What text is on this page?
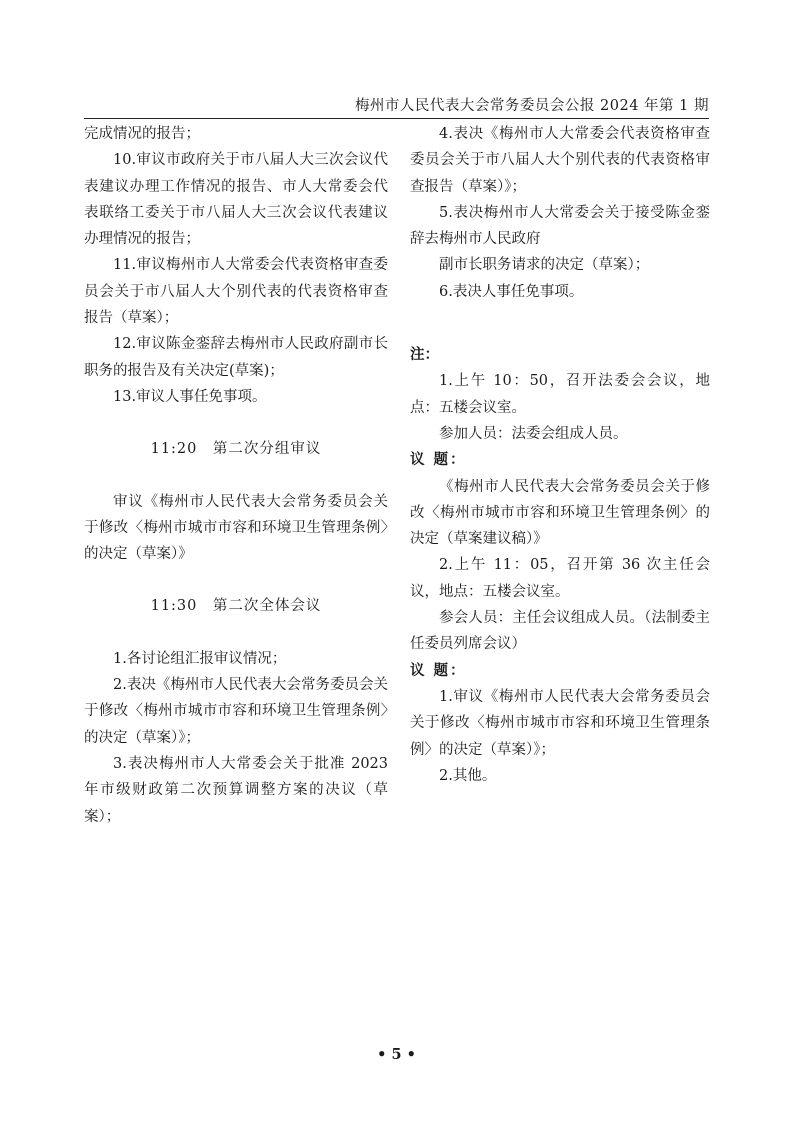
梅州市人民代表大会常务委员会公报 2024 年第 1 期

完成情况的报告；

10.审议市政府关于市八届人大三次会议代表建议办理工作情况的报告、市人大常委会代表联络工委关于市八届人大三次会议代表建议办理情况的报告；

11.审议梅州市人大常委会代表资格审查委员会关于市八届人大个别代表的代表资格审查报告（草案）；

12.审议陈金銮辞去梅州市人民政府副市长职务的报告及有关决定(草案)；

13.审议人事任免事项。

11:20　第二次分组审议

审议《梅州市人民代表大会常务委员会关于修改〈梅州市城市市容和环境卫生管理条例〉的决定（草案）》

11:30　第二次全体会议

1.各讨论组汇报审议情况；

2.表决《梅州市人民代表大会常务委员会关于修改〈梅州市城市市容和环境卫生管理条例〉的决定（草案）》；

3.表决梅州市人大常委会关于批准 2023 年市级财政第二次预算调整方案的决议（草案）；

4.表决《梅州市人大常委会代表资格审查委员会关于市八届人大个别代表的代表资格审查报告（草案）》；

5.表决梅州市人大常委会关于接受陈金銮辞去梅州市人民政府

副市长职务请求的决定（草案）；

6.表决人事任免事项。

注：

1.上午 10：50，召开法委会会议，地点：五楼会议室。

参加人员：法委会组成人员。

议 题：

《梅州市人民代表大会常务委员会关于修改〈梅州市城市市容和环境卫生管理条例〉的决定（草案建议稿）》

2.上午 11：05，召开第 36 次主任会议，地点：五楼会议室。

参会人员：主任会议组成人员。（法制委主任委员列席会议）

议 题：

1.审议《梅州市人民代表大会常务委员会关于修改〈梅州市城市市容和环境卫生管理条例〉的决定（草案）》；

2.其他。

• 5 •
